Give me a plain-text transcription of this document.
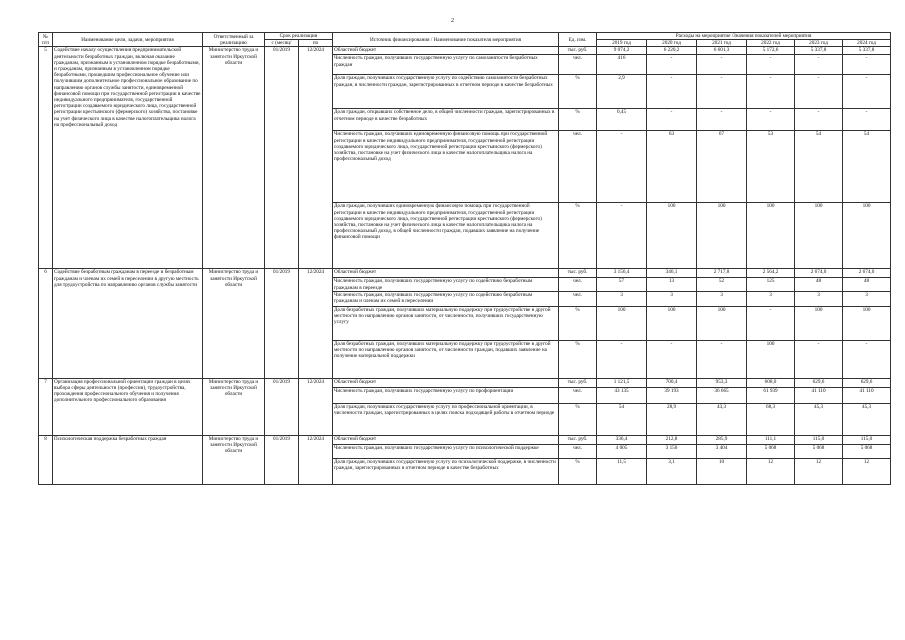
2
№
п/п	Наименование цели, задачи, мероприятия	Ответственный за реализацию	Срок реализации		Источник финансирования / Наименование показателя мероприятия	Ед. изм.	Расходы на мероприятие /Значения показателей мероприятия					
			с (месяц/	по			2019 год	2020 год	2021 год	2022 год	2023 год	2024 год
5	Содействие началу осуществления предпринимательской деятельности безработных граждан, включая оказание гражданам, признанным в установленном порядке безработными, и гражданам, признанным в установленном порядке безработными, прошедшим профессиональное обучение или получившим дополнительное профессиональное образование по направлению органов службы занятости, единовременной финансовой помощи при государственной регистрации в качестве индивидуального предпринимателя, государственной регистрации создаваемого юридического лица, государственной регистрации крестьянского (фермерского) хозяйства, постановке на учет физического лица в качестве налогоплательщика налога на профессиональный доход	Министерство труда и занятости Иркутской области	01/2019	12/2024	Областной бюджет	тыс. руб.	9 074,2	6 220,2	6 601,3	5 172,6	5 337,8	5 337,8
					Численность граждан, получивших государственную услугу по самозанятости безработных граждан	чел.	416	-	-	-	-	-
					Доля граждан, получивших государственную услугу по содействию самозанятости безработных граждан, в численности граждан, зарегистрированных в отчетном периоде в качестве безработных	%	2,9	-	-	-	-	-
					Доля граждан, открывших собственное дело, в общей численности граждан, зарегистрированных в отчетном периоде в качестве безработных	%	0,45	-	-	-	-	-
					Численность граждан, получивших единовременную финансовую помощь при государственной регистрации в качестве индивидуального предпринимателя, государственной регистрации создаваемого юридического лица, государственной регистрации крестьянского (фермерского) хозяйства, постановке на учет физического лица в качестве налогоплательщика налога на профессиональный доход	чел.	-	63	67	53	54	54
					Доля граждан, получивших единовременную финансовую помощь при государственной регистрации в качестве индивидуального предпринимателя, государственной регистрации создаваемого юридического лица, государственной регистрации крестьянского (фермерского) хозяйства, постановке на учет физического лица в качестве налогоплательщика налога на профессиональный доход, в общей численности граждан, подавших заявление на получение финансовой помощи	%	-	100	100	100	100	100
6	Содействие безработным гражданам в переезде и безработным гражданам и членам их семей в переселении в другую местность для трудоустройства по направлению органов службы занятости	Министерство труда и занятости Иркутской области	01/2019	12/2024	Областной бюджет	тыс. руб.	3 156,4	346,1	2 717,8	2 564,2	2 674,0	2 674,0
					Численность граждан, получивших государственную услугу по содействию безработным гражданам в переезде	чел.	57	13	52	125	48	48
					Численность граждан, получивших государственную услугу по содействию безработным гражданам и членам их семей в переселении	чел.	3	3	3	3	3	3
					Доля безработных граждан, получивших материальную поддержку при трудоустройстве в другой местности по направлению органов занятости, от численности, получивших государственную услугу	%	100	100	100	-	100	100
					Доля безработных граждан, получивших материальную поддержку при трудоустройстве в другой местности по направлению органов занятости, от численности граждан, подавших заявление на получение материальной поддержки	%	-	-	-	100	-	-
7	Организация профессиональной ориентации граждан в целях выбора сферы деятельности (профессии), трудоустройства, прохождения профессионального обучения и получения дополнительного профессионального образования	Министерство труда и занятости Иркутской области	01/2019	12/2024	Областной бюджет	тыс. руб.	1 121,5	700,4	953,3	608,0	629,6	629,6
					Численность граждан, получивших государственную услугу по профориентации	чел.	43 135	39 193	36 665	61 939	41 110	41 110
					Доля граждан, получивших государственную услугу по профессиональной ориентации, в численности граждан, зарегистрированных в целях поиска подходящей работы в отчетном периоде	%	54	28,9	43,3	68,3	45,3	45,3
8	Психологическая поддержка безработных граждан	Министерство труда и занятости Иркутской области	01/2019	12/2024	Областной бюджет	тыс. руб.	336,4	212,8	285,9	111,1	115,0	115,0
					Численность граждан, получивших государственную услугу по психологической поддержке	чел.	4 005	3 150	3 404	5 068	5 068	5 068
					Доля граждан, получивших государственную услугу по психологической поддержке, в численности граждан, зарегистрированных в отчетном периоде в качестве безработных	%	11,5	3,1	10	12	12	12
